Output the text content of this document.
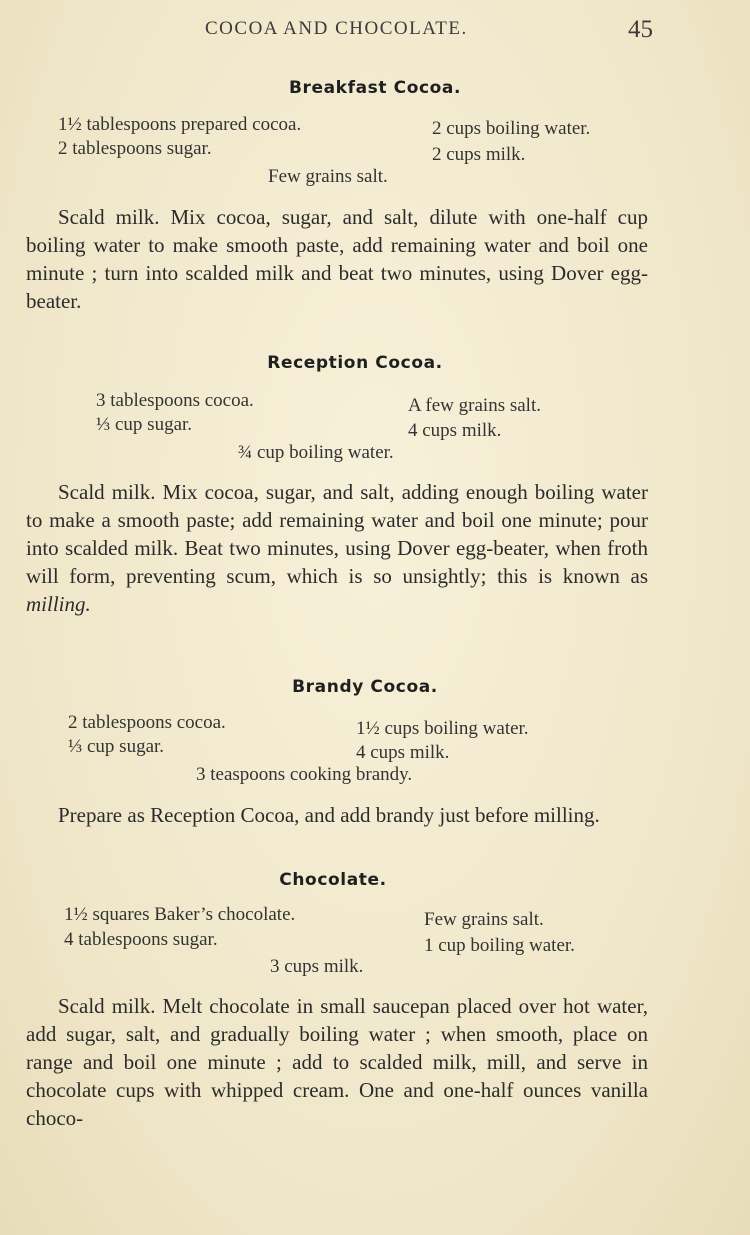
COCOA AND CHOCOLATE.	45
Breakfast Cocoa.
1½ tablespoons prepared cocoa.
2 tablespoons sugar.
2 cups boiling water.
2 cups milk.
Few grains salt.
Scald milk. Mix cocoa, sugar, and salt, dilute with one-half cup boiling water to make smooth paste, add remaining water and boil one minute ; turn into scalded milk and beat two minutes, using Dover egg-beater.
Reception Cocoa.
3 tablespoons cocoa.
⅓ cup sugar.
A few grains salt.
4 cups milk.
¾ cup boiling water.
Scald milk. Mix cocoa, sugar, and salt, adding enough boiling water to make a smooth paste; add remaining water and boil one minute; pour into scalded milk. Beat two minutes, using Dover egg-beater, when froth will form, preventing scum, which is so unsightly; this is known as milling.
Brandy Cocoa.
2 tablespoons cocoa.
⅓ cup sugar.
1½ cups boiling water.
4 cups milk.
3 teaspoons cooking brandy.
Prepare as Reception Cocoa, and add brandy just before milling.
Chocolate.
1½ squares Baker’s chocolate.
4 tablespoons sugar.
Few grains salt.
1 cup boiling water.
3 cups milk.
Scald milk. Melt chocolate in small saucepan placed over hot water, add sugar, salt, and gradually boiling water ; when smooth, place on range and boil one minute ; add to scalded milk, mill, and serve in chocolate cups with whipped cream. One and one-half ounces vanilla choco-
